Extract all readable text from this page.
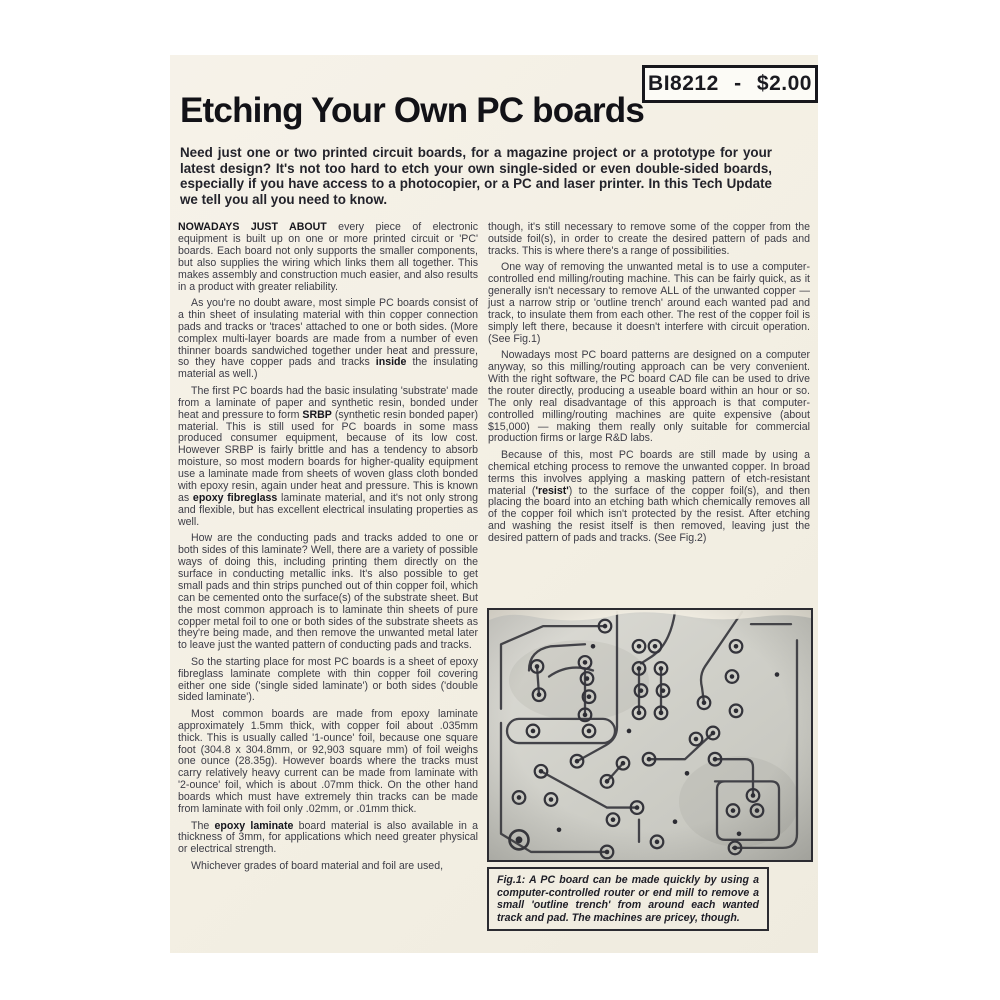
BI8212 - $2.00
Etching Your Own PC boards

Need just one or two printed circuit boards, for a magazine project or a prototype for your latest design? It's not too hard to etch your own single-sided or even double-sided boards, especially if you have access to a photocopier, or a PC and laser printer. In this Tech Update we tell you all you need to know.

NOWADAYS JUST ABOUT every piece of electronic equipment is built up on one or more printed circuit or 'PC' boards. Each board not only supports the smaller components, but also supplies the wiring which links them all together. This makes assembly and construction much easier, and also results in a product with greater reliability.

As you're no doubt aware, most simple PC boards consist of a thin sheet of insulating material with thin copper connection pads and tracks or 'traces' attached to one or both sides. (More complex multi-layer boards are made from a number of even thinner boards sandwiched together under heat and pressure, so they have copper pads and tracks inside the insulating material as well.)

The first PC boards had the basic insulating 'substrate' made from a laminate of paper and synthetic resin, bonded under heat and pressure to form SRBP (synthetic resin bonded paper) material. This is still used for PC boards in some mass produced consumer equipment, because of its low cost. However SRBP is fairly brittle and has a tendency to absorb moisture, so most modern boards for higher-quality equipment use a laminate made from sheets of woven glass cloth bonded with epoxy resin, again under heat and pressure. This is known as epoxy fibreglass laminate material, and it's not only strong and flexible, but has excellent electrical insulating properties as well.

How are the conducting pads and tracks added to one or both sides of this laminate? Well, there are a variety of possible ways of doing this, including printing them directly on the surface in conducting metallic inks. It's also possible to get small pads and thin strips punched out of thin copper foil, which can be cemented onto the surface(s) of the substrate sheet. But the most common approach is to laminate thin sheets of pure copper metal foil to one or both sides of the substrate sheets as they're being made, and then remove the unwanted metal later to leave just the wanted pattern of conducting pads and tracks.

So the starting place for most PC boards is a sheet of epoxy fibreglass laminate complete with thin copper foil covering either one side ('single sided laminate') or both sides ('double sided laminate').

Most common boards are made from epoxy laminate approximately 1.5mm thick, with copper foil about .035mm thick. This is usually called '1-ounce' foil, because one square foot (304.8 x 304.8mm, or 92,903 square mm) of foil weighs one ounce (28.35g). However boards where the tracks must carry relatively heavy current can be made from laminate with '2-ounce' foil, which is about .07mm thick. On the other hand boards which must have extremely thin tracks can be made from laminate with foil only .02mm, or .01mm thick.

The epoxy laminate board material is also available in a thickness of 3mm, for applications which need greater physical or electrical strength.

Whichever grades of board material and foil are used,

though, it's still necessary to remove some of the copper from the outside foil(s), in order to create the desired pattern of pads and tracks. This is where there's a range of possibilities.

One way of removing the unwanted metal is to use a computer-controlled end milling/routing machine. This can be fairly quick, as it generally isn't necessary to remove ALL of the unwanted copper — just a narrow strip or 'outline trench' around each wanted pad and track, to insulate them from each other. The rest of the copper foil is simply left there, because it doesn't interfere with circuit operation. (See Fig.1)

Nowadays most PC board patterns are designed on a computer anyway, so this milling/routing approach can be very convenient. With the right software, the PC board CAD file can be used to drive the router directly, producing a useable board within an hour or so. The only real disadvantage of this approach is that computer-controlled milling/routing machines are quite expensive (about $15,000) — making them really only suitable for commercial production firms or large R&D labs.

Because of this, most PC boards are still made by using a chemical etching process to remove the unwanted copper. In broad terms this involves applying a masking pattern of etch-resistant material ('resist') to the surface of the copper foil(s), and then placing the board into an etching bath which chemically removes all of the copper foil which isn't protected by the resist. After etching and washing the resist itself is then removed, leaving just the desired pattern of pads and tracks. (See Fig.2)

Fig.1: A PC board can be made quickly by using a computer-controlled router or end mill to remove a small 'outline trench' from around each wanted track and pad. The machines are pricey, though.
